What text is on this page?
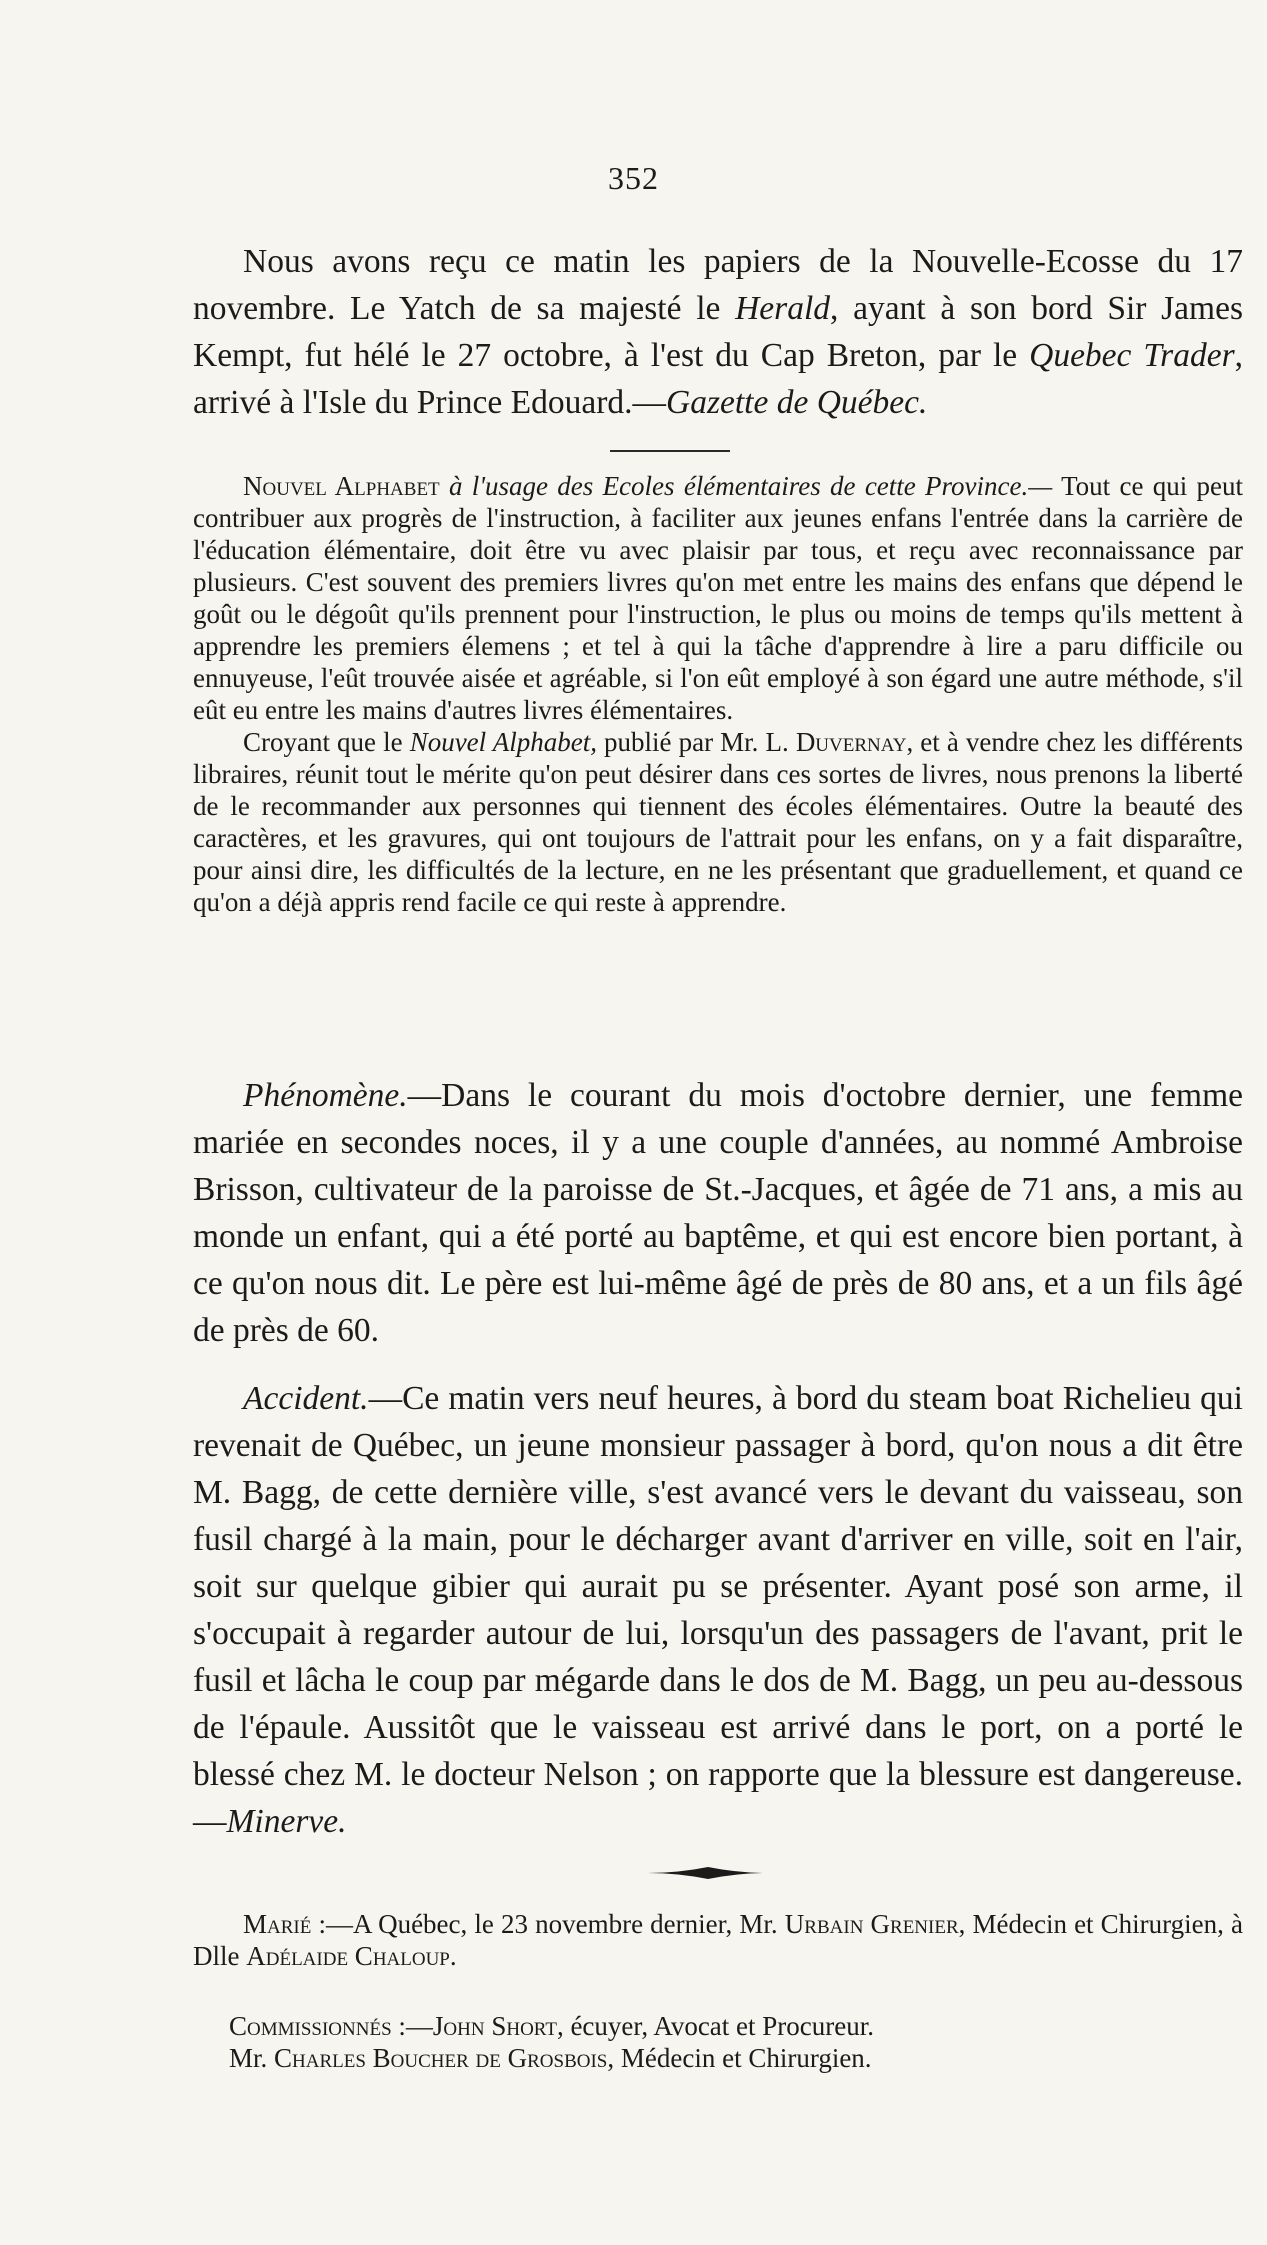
352

Nous avons reçu ce matin les papiers de la Nouvelle-Ecosse du 17 novembre. Le Yatch de sa majesté le Herald, ayant à son bord Sir James Kempt, fut hélé le 27 octobre, à l'est du Cap Breton, par le Quebec Trader, arrivé à l'Isle du Prince Edouard.—Gazette de Québec.

Nouvel Alphabet à l'usage des Ecoles élémentaires de cette Province.— Tout ce qui peut contribuer aux progrès de l'instruction, à faciliter aux jeunes enfans l'entrée dans la carrière de l'éducation élémentaire, doit être vu avec plaisir par tous, et reçu avec reconnaissance par plusieurs. C'est souvent des premiers livres qu'on met entre les mains des enfans que dépend le goût ou le dégoût qu'ils prennent pour l'instruction, le plus ou moins de temps qu'ils mettent à apprendre les premiers élemens ; et tel à qui la tâche d'apprendre à lire a paru difficile ou ennuyeuse, l'eût trouvée aisée et agréable, si l'on eût employé à son égard une autre méthode, s'il eût eu entre les mains d'autres livres élémentaires.

Croyant que le Nouvel Alphabet, publié par Mr. L. Duvernay, et à vendre chez les différents libraires, réunit tout le mérite qu'on peut désirer dans ces sortes de livres, nous prenons la liberté de le recommander aux personnes qui tiennent des écoles élémentaires. Outre la beauté des caractères, et les gravures, qui ont toujours de l'attrait pour les enfans, on y a fait disparaître, pour ainsi dire, les difficultés de la lecture, en ne les présentant que graduellement, et quand ce qu'on a déjà appris rend facile ce qui reste à apprendre.

Phénomène.—Dans le courant du mois d'octobre dernier, une femme mariée en secondes noces, il y a une couple d'années, au nommé Ambroise Brisson, cultivateur de la paroisse de St.-Jacques, et âgée de 71 ans, a mis au monde un enfant, qui a été porté au baptême, et qui est encore bien portant, à ce qu'on nous dit. Le père est lui-même âgé de près de 80 ans, et a un fils âgé de près de 60.

Accident.—Ce matin vers neuf heures, à bord du steam boat Richelieu qui revenait de Québec, un jeune monsieur passager à bord, qu'on nous a dit être M. Bagg, de cette dernière ville, s'est avancé vers le devant du vaisseau, son fusil chargé à la main, pour le décharger avant d'arriver en ville, soit en l'air, soit sur quelque gibier qui aurait pu se présenter. Ayant posé son arme, il s'occupait à regarder autour de lui, lorsqu'un des passagers de l'avant, prit le fusil et lâcha le coup par mégarde dans le dos de M. Bagg, un peu au-dessous de l'épaule. Aussitôt que le vaisseau est arrivé dans le port, on a porté le blessé chez M. le docteur Nelson ; on rapporte que la blessure est dangereuse.—Minerve.

Marié :—A Québec, le 23 novembre dernier, Mr. Urbain Grenier, Médecin et Chirurgien, à Dlle Adélaide Chaloup.

Commissionnés :—John Short, écuyer, Avocat et Procureur.

Mr. Charles Boucher de Grosbois, Médecin et Chirurgien.
